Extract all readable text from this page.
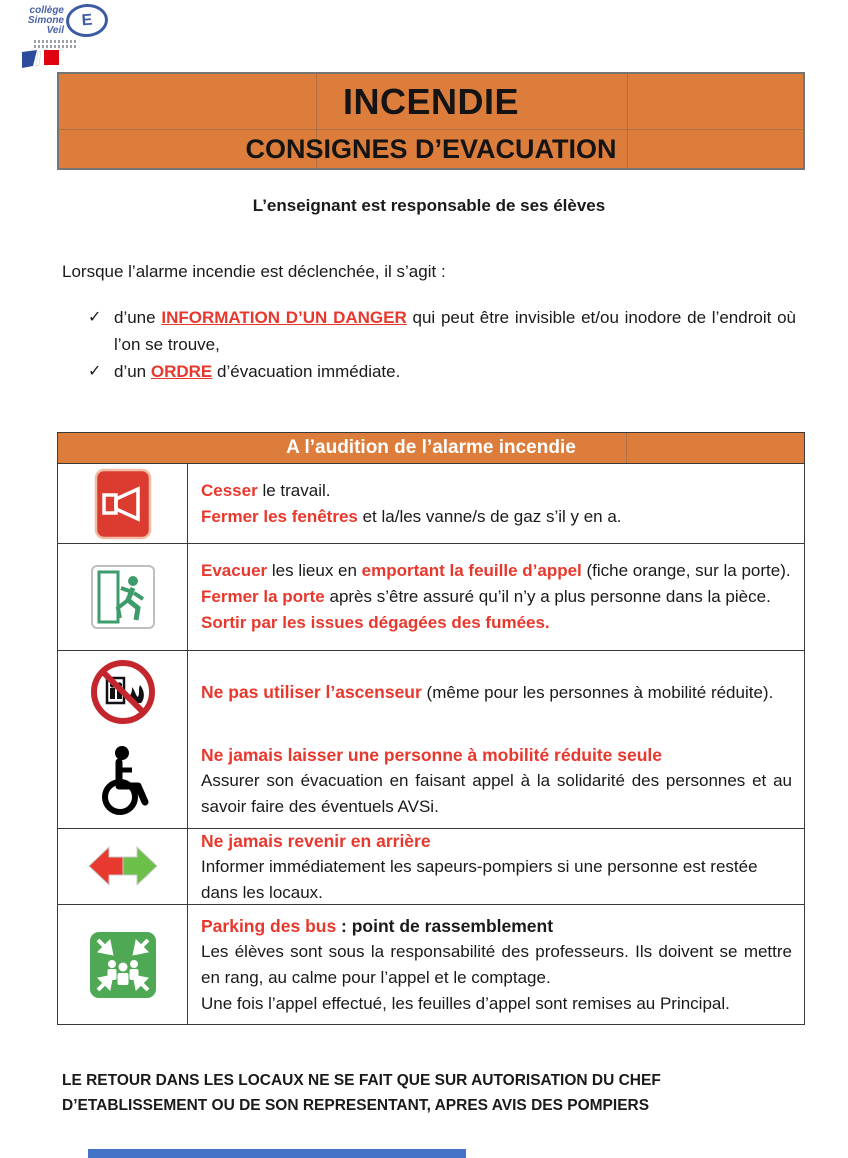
collège
Simone Veil
E
INCENDIE
CONSIGNES D’EVACUATION
L’enseignant est responsable de ses élèves
Lorsque l’alarme incendie est déclenchée, il s’agit :
✓ d’une INFORMATION D’UN DANGER qui peut être invisible et/ou inodore de l’endroit où l’on se trouve,
✓ d’un ORDRE d’évacuation immédiate.
A l’audition de l’alarme incendie
Cesser le travail.
Fermer les fenêtres et la/les vanne/s de gaz s’il y en a.
Evacuer les lieux en emportant la feuille d’appel (fiche orange, sur la porte).
Fermer la porte après s’être assuré qu’il n’y a plus personne dans la pièce.
Sortir par les issues dégagées des fumées.
Ne pas utiliser l’ascenseur (même pour les personnes à mobilité réduite).
Ne jamais laisser une personne à mobilité réduite seule
Assurer son évacuation en faisant appel à la solidarité des personnes et au savoir faire des éventuels AVSi.
Ne jamais revenir en arrière
Informer immédiatement les sapeurs-pompiers si une personne est restée dans les locaux.
Parking des bus : point de rassemblement
Les élèves sont sous la responsabilité des professeurs. Ils doivent se mettre en rang, au calme pour l’appel et le comptage.
Une fois l’appel effectué, les feuilles d’appel sont remises au Principal.
LE RETOUR DANS LES LOCAUX NE SE FAIT QUE SUR AUTORISATION DU CHEF D’ETABLISSEMENT OU DE SON REPRESENTANT, APRES AVIS DES POMPIERS
